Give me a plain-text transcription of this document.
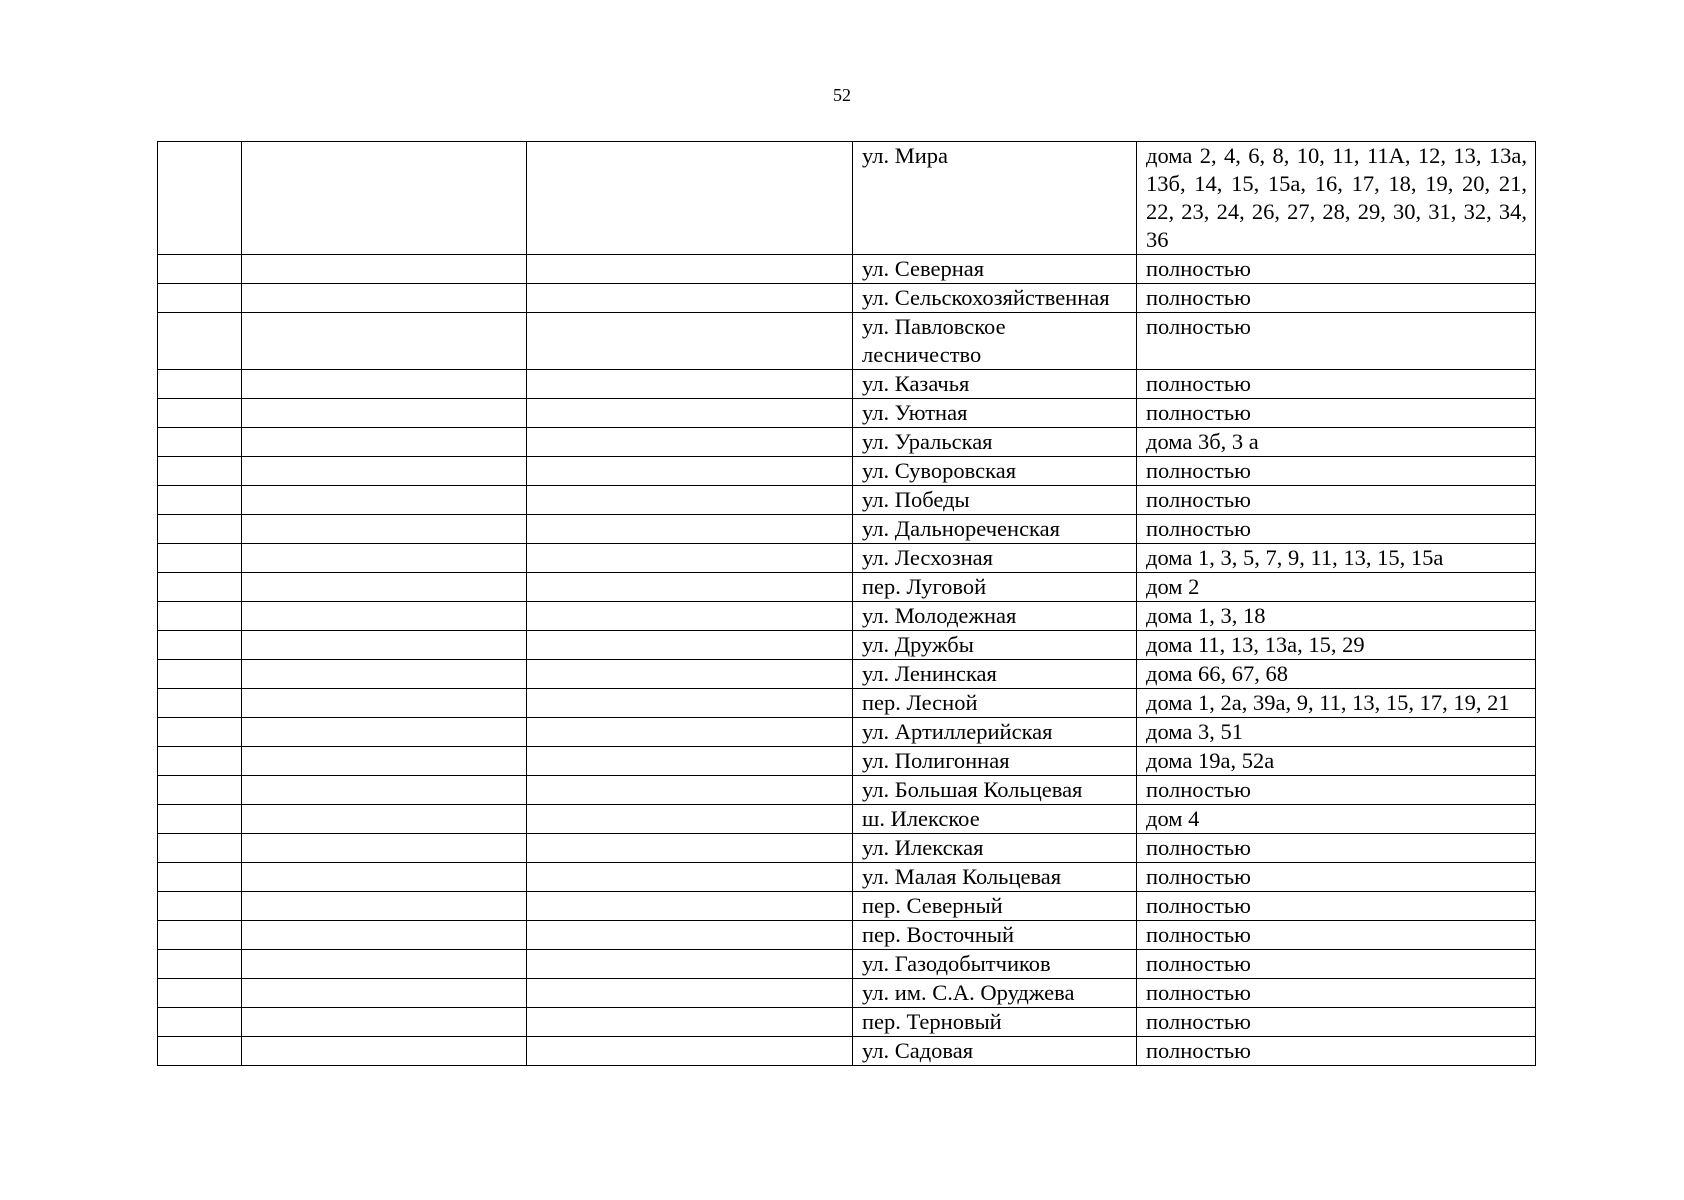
52
			ул. Мира	дома 2, 4, 6, 8, 10, 11, 11А, 12, 13, 13а, 13б, 14, 15, 15а, 16, 17, 18, 19, 20, 21, 22, 23, 24, 26, 27, 28, 29, 30, 31, 32, 34, 36
			ул. Северная	полностью
			ул. Сельскохозяйственная	полностью
			ул. Павловское лесничество	полностью
			ул. Казачья	полностью
			ул. Уютная	полностью
			ул. Уральская	дома 3б, 3 а
			ул. Суворовская	полностью
			ул. Победы	полностью
			ул. Дальнореченская	полностью
			ул. Лесхозная	дома 1, 3, 5, 7, 9, 11, 13, 15, 15а
			пер. Луговой	дом 2
			ул. Молодежная	дома 1, 3, 18
			ул. Дружбы	дома 11, 13, 13а, 15, 29
			ул. Ленинская	дома 66, 67, 68
			пер. Лесной	дома 1, 2а, 39а, 9, 11, 13, 15, 17, 19, 21
			ул. Артиллерийская	дома 3, 51
			ул. Полигонная	дома 19а, 52а
			ул. Большая Кольцевая	полностью
			ш. Илекское	дом 4
			ул. Илекская	полностью
			ул. Малая Кольцевая	полностью
			пер. Северный	полностью
			пер. Восточный	полностью
			ул. Газодобытчиков	полностью
			ул. им. С.А. Оруджева	полностью
			пер. Терновый	полностью
			ул. Садовая	полностью
